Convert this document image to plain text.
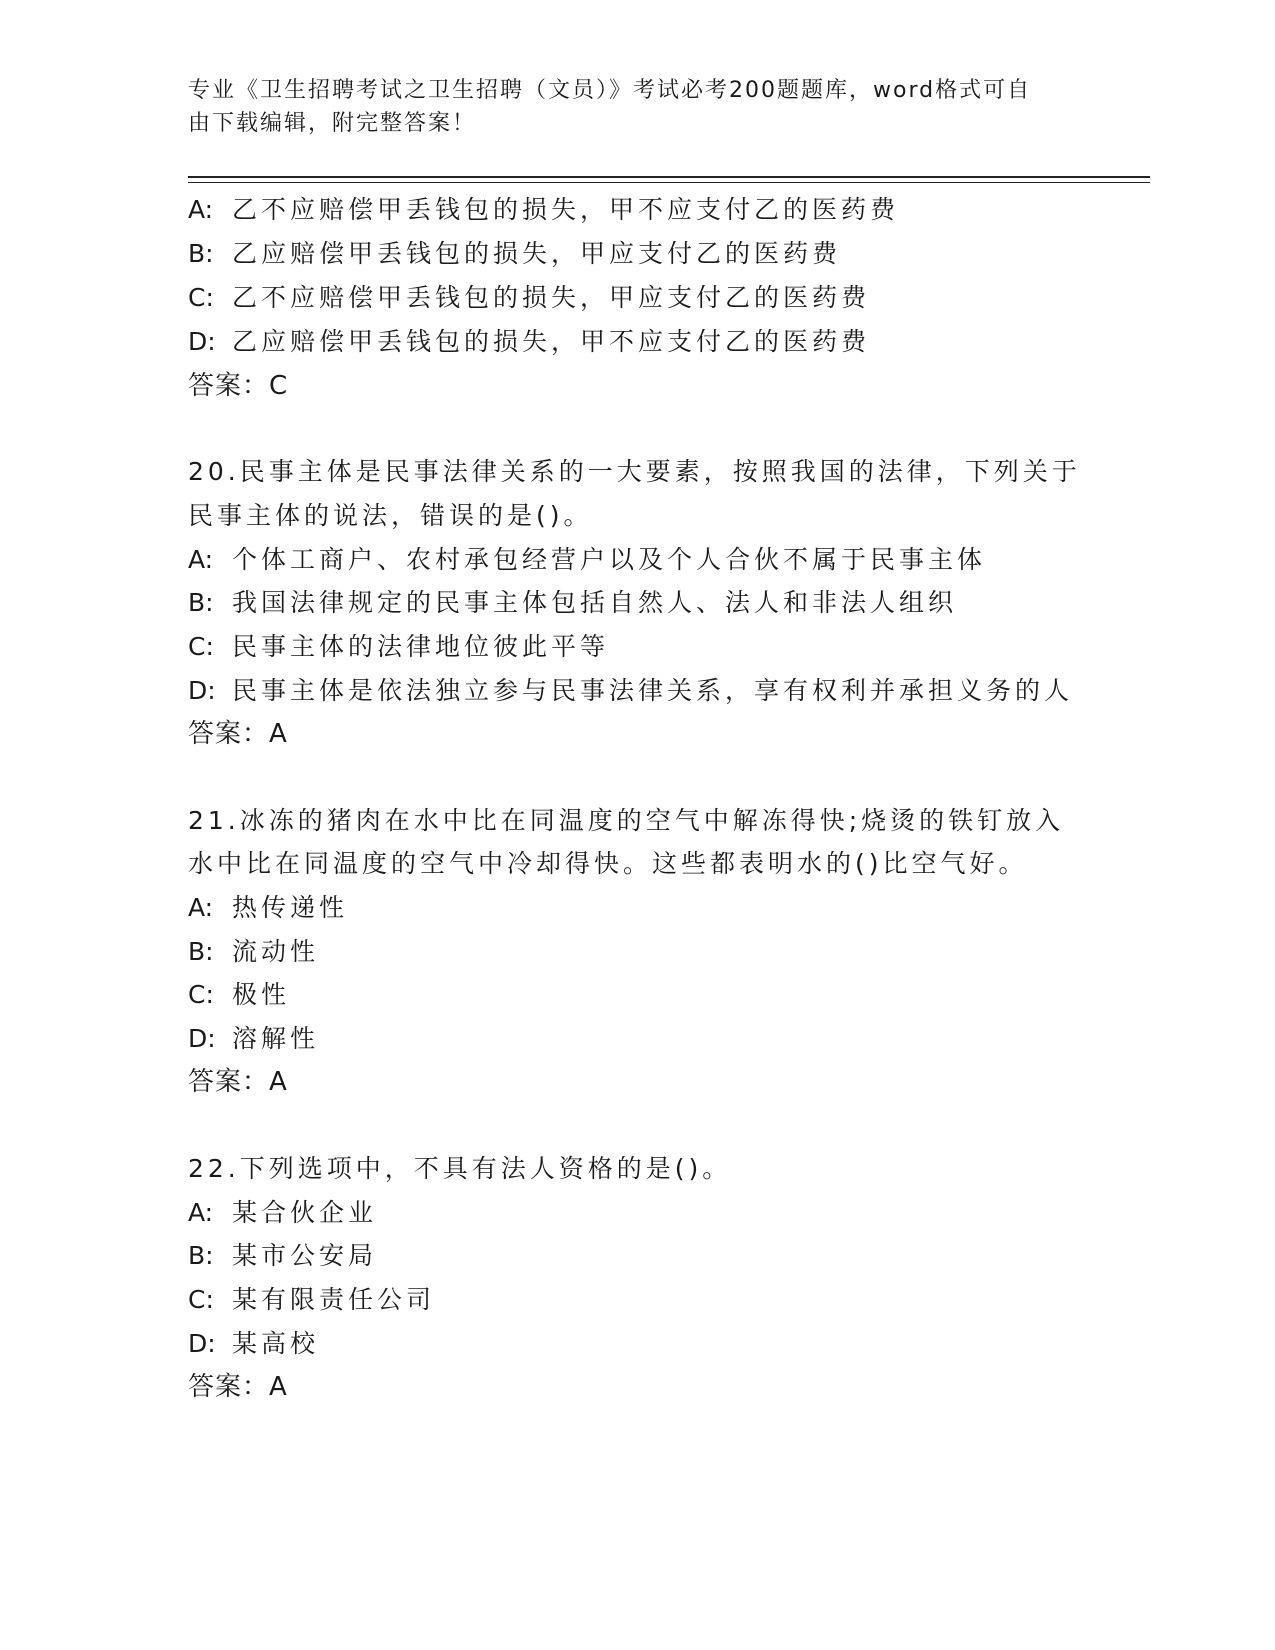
专业《卫生招聘考试之卫生招聘（文员）》考试必考200题题库，word格式可自
由下载编辑，附完整答案！
A: 乙不应赔偿甲丢钱包的损失，甲不应支付乙的医药费
B: 乙应赔偿甲丢钱包的损失，甲应支付乙的医药费
C: 乙不应赔偿甲丢钱包的损失，甲应支付乙的医药费
D: 乙应赔偿甲丢钱包的损失，甲不应支付乙的医药费
答案：C
20.民事主体是民事法律关系的一大要素，按照我国的法律，下列关于
民事主体的说法，错误的是()。
A: 个体工商户、农村承包经营户以及个人合伙不属于民事主体
B: 我国法律规定的民事主体包括自然人、法人和非法人组织
C: 民事主体的法律地位彼此平等
D: 民事主体是依法独立参与民事法律关系，享有权利并承担义务的人
答案：A
21.冰冻的猪肉在水中比在同温度的空气中解冻得快;烧烫的铁钉放入
水中比在同温度的空气中冷却得快。这些都表明水的()比空气好。
A: 热传递性
B: 流动性
C: 极性
D: 溶解性
答案：A
22.下列选项中，不具有法人资格的是()。
A: 某合伙企业
B: 某市公安局
C: 某有限责任公司
D: 某高校
答案：A
